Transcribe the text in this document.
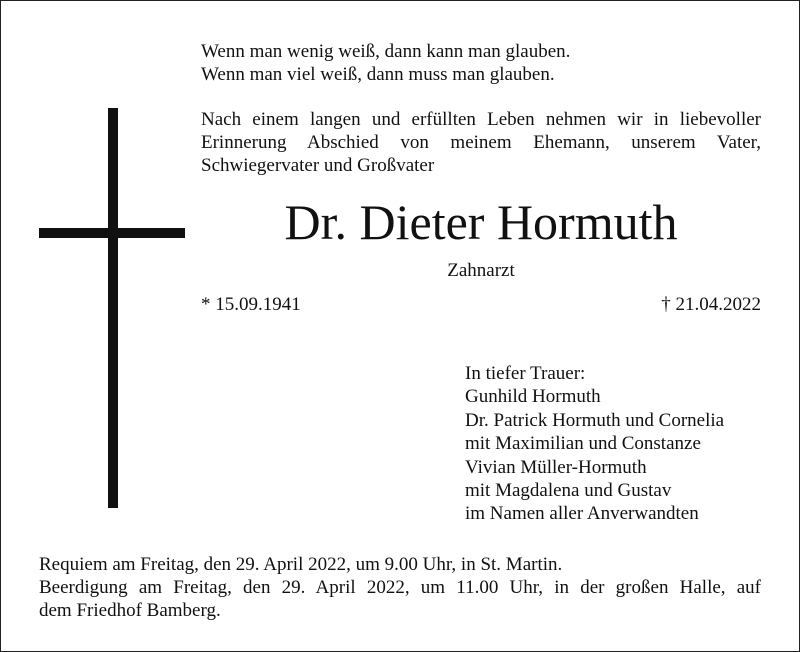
Wenn man wenig weiß, dann kann man glauben.
Wenn man viel weiß, dann muss man glauben.
Nach einem langen und erfüllten Leben nehmen wir in liebevoller
Erinnerung Abschied von meinem Ehemann, unserem Vater,
Schwiegervater und Großvater
Dr. Dieter Hormuth
Zahnarzt
* 15.09.1941	† 21.04.2022
In tiefer Trauer:
Gunhild Hormuth
Dr. Patrick Hormuth und Cornelia
mit Maximilian und Constanze
Vivian Müller-Hormuth
mit Magdalena und Gustav
im Namen aller Anverwandten
Requiem am Freitag, den 29. April 2022, um 9.00 Uhr, in St. Martin.
Beerdigung am Freitag, den 29. April 2022, um 11.00 Uhr, in der großen Halle, auf
dem Friedhof Bamberg.
